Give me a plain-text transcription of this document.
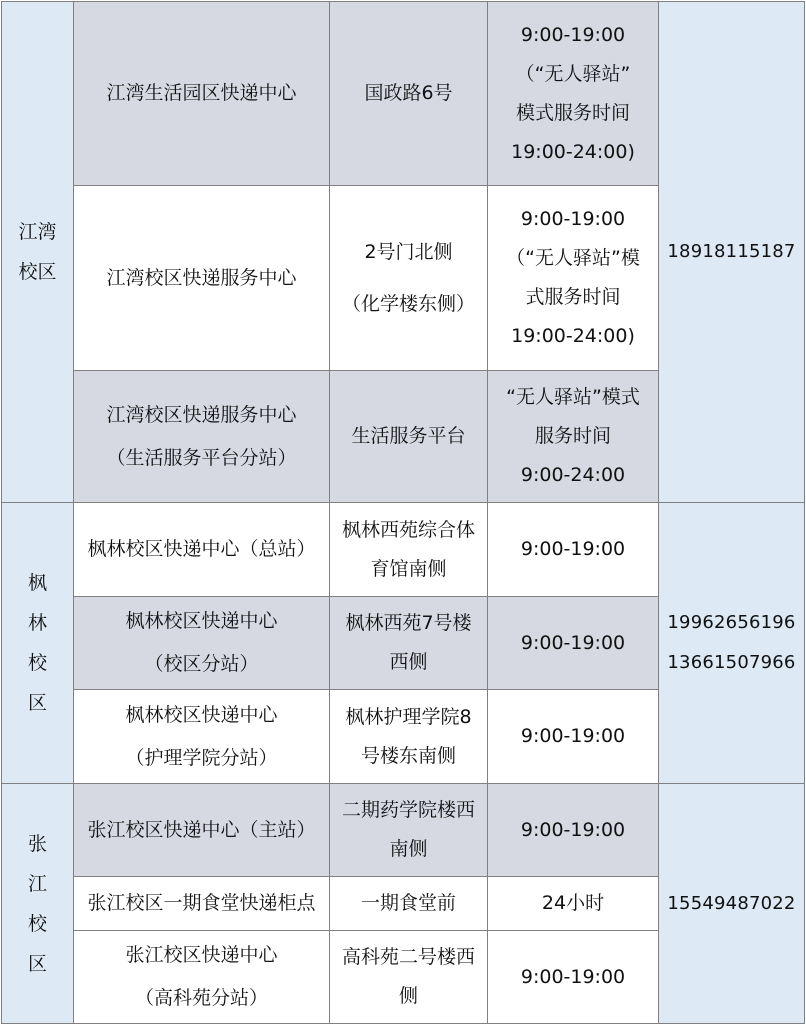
江湾
校区	江湾生活园区快递中心	国政路6号	9:00-19:00
（“无人驿站”
模式服务时间
19:00-24:00)	18918115187

	江湾校区快递服务中心	2号门北侧
（化学楼东侧）	9:00-19:00
（“无人驿站”模
式服务时间
19:00-24:00)	

	江湾校区快递服务中心
（生活服务平台分站）	生活服务平台	“无人驿站”模式
服务时间
9:00-24:00	

枫
林
校
区	枫林校区快递中心（总站）	枫林西苑综合体
育馆南侧	9:00-19:00	19962656196 13661507966

	枫林校区快递中心
（校区分站）	枫林西苑7号楼
西侧	9:00-19:00	

	枫林校区快递中心
（护理学院分站）	枫林护理学院8
号楼东南侧	9:00-19:00	

张
江
校
区	张江校区快递中心（主站）	二期药学院楼西
南侧	9:00-19:00	15549487022

	张江校区一期食堂快递柜点	一期食堂前	24小时	

	张江校区快递中心
（高科苑分站）	高科苑二号楼西
侧	9:00-19:00	
